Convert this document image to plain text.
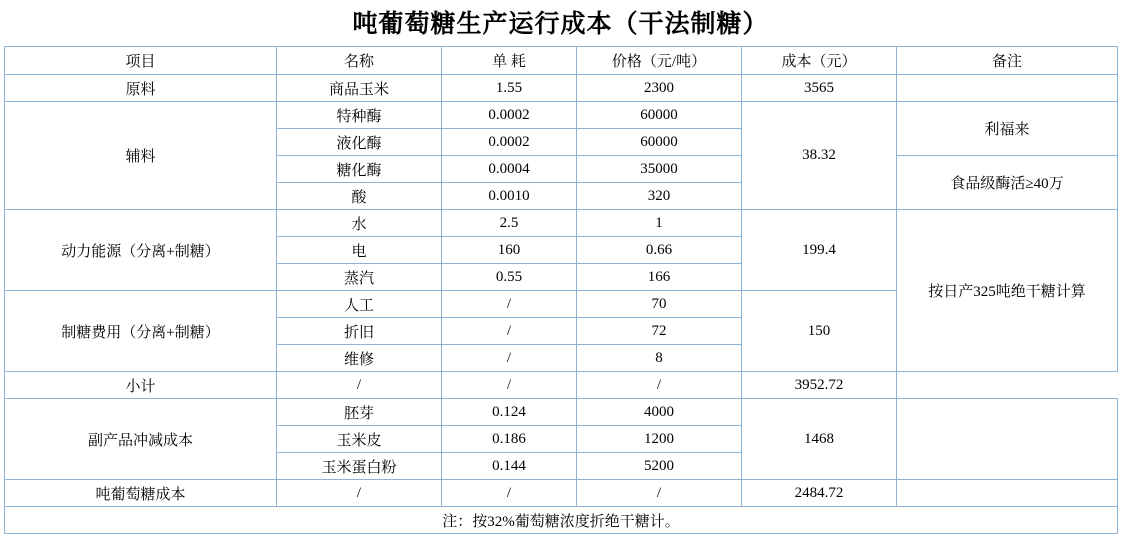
吨葡萄糖生产运行成本（干法制糖）
项目	名称	单 耗	价格（元/吨）	成本（元）	备注
原料	商品玉米	1.55	2300	3565	
辅料	特种酶	0.0002	60000	38.32	利福来
	液化酶	0.0002	60000		
	糖化酶	0.0004	35000		食品级酶活≥40万
	酸	0.0010	320		
动力能源（分离+制糖）	水	2.5	1	199.4	按日产325吨绝干糖计算
	电	160	0.66		
	蒸汽	0.55	166		
制糖费用（分离+制糖）	人工	/	70	150	
	折旧	/	72		
	维修	/	8		
小计	/	/	/	3952.72	
副产品冲减成本	胚芽	0.124	4000	1468	
	玉米皮	0.186	1200		
	玉米蛋白粉	0.144	5200		
吨葡萄糖成本	/	/	/	2484.72	
注：按32%葡萄糖浓度折绝干糖计。					
